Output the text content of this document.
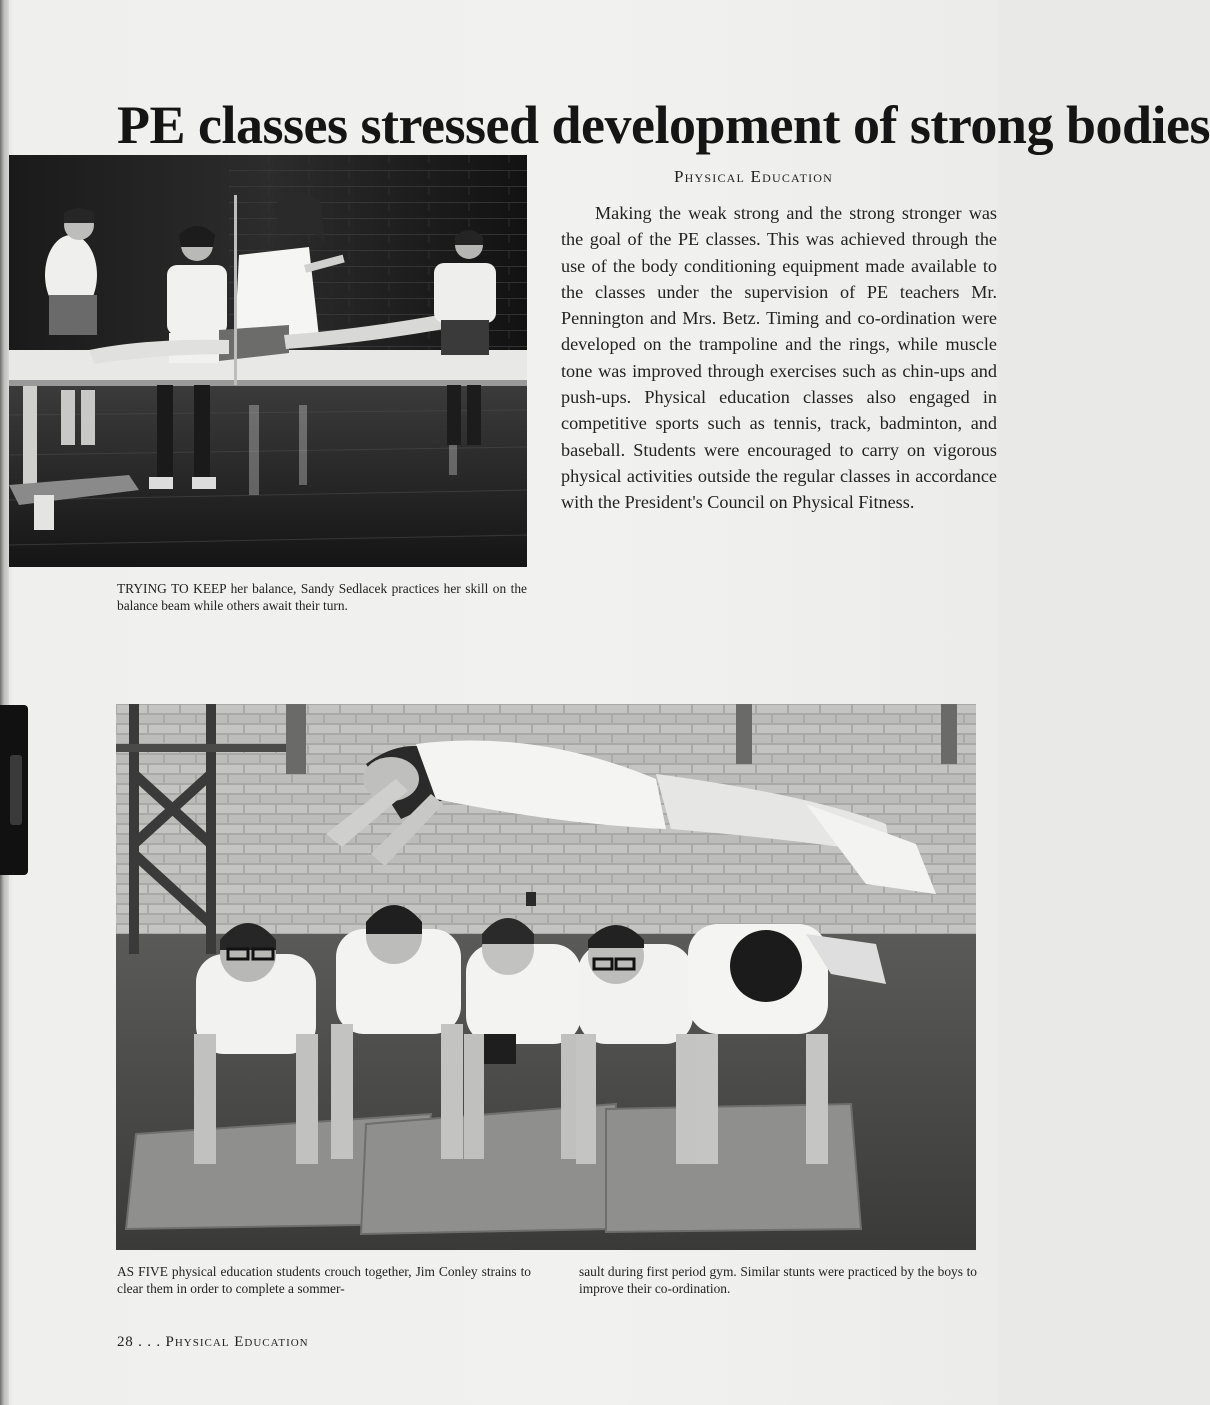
PE classes stressed development of strong bodies

TRYING TO KEEP her balance, Sandy Sedlacek practices her skill on the balance beam while others await their turn.

Physical Education

Making the weak strong and the strong stronger was the goal of the PE classes. This was achieved through the use of the body conditioning equipment made available to the classes under the supervision of PE teachers Mr. Pennington and Mrs. Betz. Timing and co-ordination were developed on the trampoline and the rings, while muscle tone was improved through exercises such as chin-ups and push-ups. Physical education classes also engaged in competitive sports such as tennis, track, badminton, and baseball. Students were encouraged to carry on vigorous physical activities outside the regular classes in accordance with the President's Council on Physical Fitness.

AS FIVE physical education students crouch together, Jim Conley strains to clear them in order to complete a sommer-

sault during first period gym. Similar stunts were practiced by the boys to improve their co-ordination.

28 . . . Physical Education
